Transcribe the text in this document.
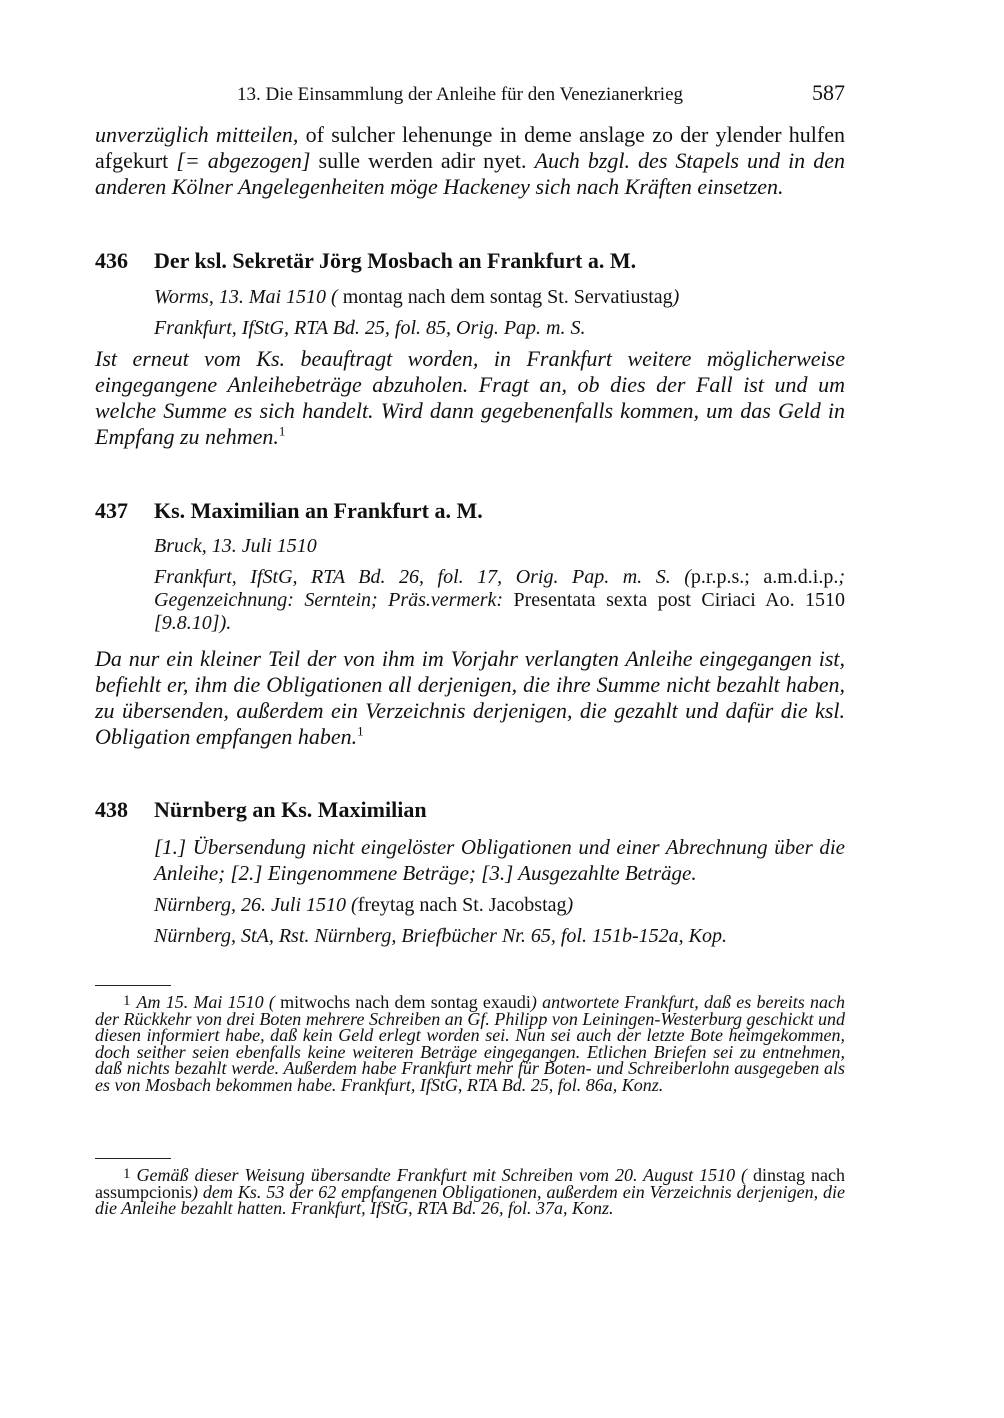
13. Die Einsammlung der Anleihe für den Venezianerkrieg	587
unverzüglich mitteilen, of sulcher lehenunge in deme anslage zo der ylender hulfen afgekurt [= abgezogen] sulle werden adir nyet. Auch bzgl. des Stapels und in den anderen Kölner Angelegenheiten möge Hackeney sich nach Kräften einsetzen.
436 Der ksl. Sekretär Jörg Mosbach an Frankfurt a. M.
Worms, 13. Mai 1510 ( montag nach dem sontag St. Servatiustag)
Frankfurt, IfStG, RTA Bd. 25, fol. 85, Orig. Pap. m. S.
Ist erneut vom Ks. beauftragt worden, in Frankfurt weitere möglicherweise eingegangene Anleihebeträge abzuholen. Fragt an, ob dies der Fall ist und um welche Summe es sich handelt. Wird dann gegebenenfalls kommen, um das Geld in Empfang zu nehmen.$^1$
437 Ks. Maximilian an Frankfurt a. M.
Bruck, 13. Juli 1510
Frankfurt, IfStG, RTA Bd. 26, fol. 17, Orig. Pap. m. S. (p.r.p.s.; a.m.d.i.p.; Gegenzeichnung: Serntein; Präs.vermerk: Presentata sexta post Ciriaci Ao. 1510 [9.8.10]).
Da nur ein kleiner Teil der von ihm im Vorjahr verlangten Anleihe eingegangen ist, befiehlt er, ihm die Obligationen all derjenigen, die ihre Summe nicht bezahlt haben, zu übersenden, außerdem ein Verzeichnis derjenigen, die gezahlt und dafür die ksl. Obligation empfangen haben.$^1$
438 Nürnberg an Ks. Maximilian
[1.] Übersendung nicht eingelöster Obligationen und einer Abrechnung über die Anleihe; [2.] Eingenommene Beträge; [3.] Ausgezahlte Beträge.
Nürnberg, 26. Juli 1510 (freytag nach St. Jacobstag)
Nürnberg, StA, Rst. Nürnberg, Briefbücher Nr. 65, fol. 151b-152a, Kop.
1 Am 15. Mai 1510 ( mitwochs nach dem sontag exaudi) antwortete Frankfurt, daß es bereits nach der Rückkehr von drei Boten mehrere Schreiben an Gf. Philipp von Leiningen-Westerburg geschickt und diesen informiert habe, daß kein Geld erlegt worden sei. Nun sei auch der letzte Bote heimgekommen, doch seither seien ebenfalls keine weiteren Beträge eingegangen. Etlichen Briefen sei zu entnehmen, daß nichts bezahlt werde. Außerdem habe Frankfurt mehr für Boten- und Schreiberlohn ausgegeben als es von Mosbach bekommen habe. Frankfurt, IfStG, RTA Bd. 25, fol. 86a, Konz.
1 Gemäß dieser Weisung übersandte Frankfurt mit Schreiben vom 20. August 1510 ( dinstag nach assumpcionis) dem Ks. 53 der 62 empfangenen Obligationen, außerdem ein Verzeichnis derjenigen, die die Anleihe bezahlt hatten. Frankfurt, IfStG, RTA Bd. 26, fol. 37a, Konz.
